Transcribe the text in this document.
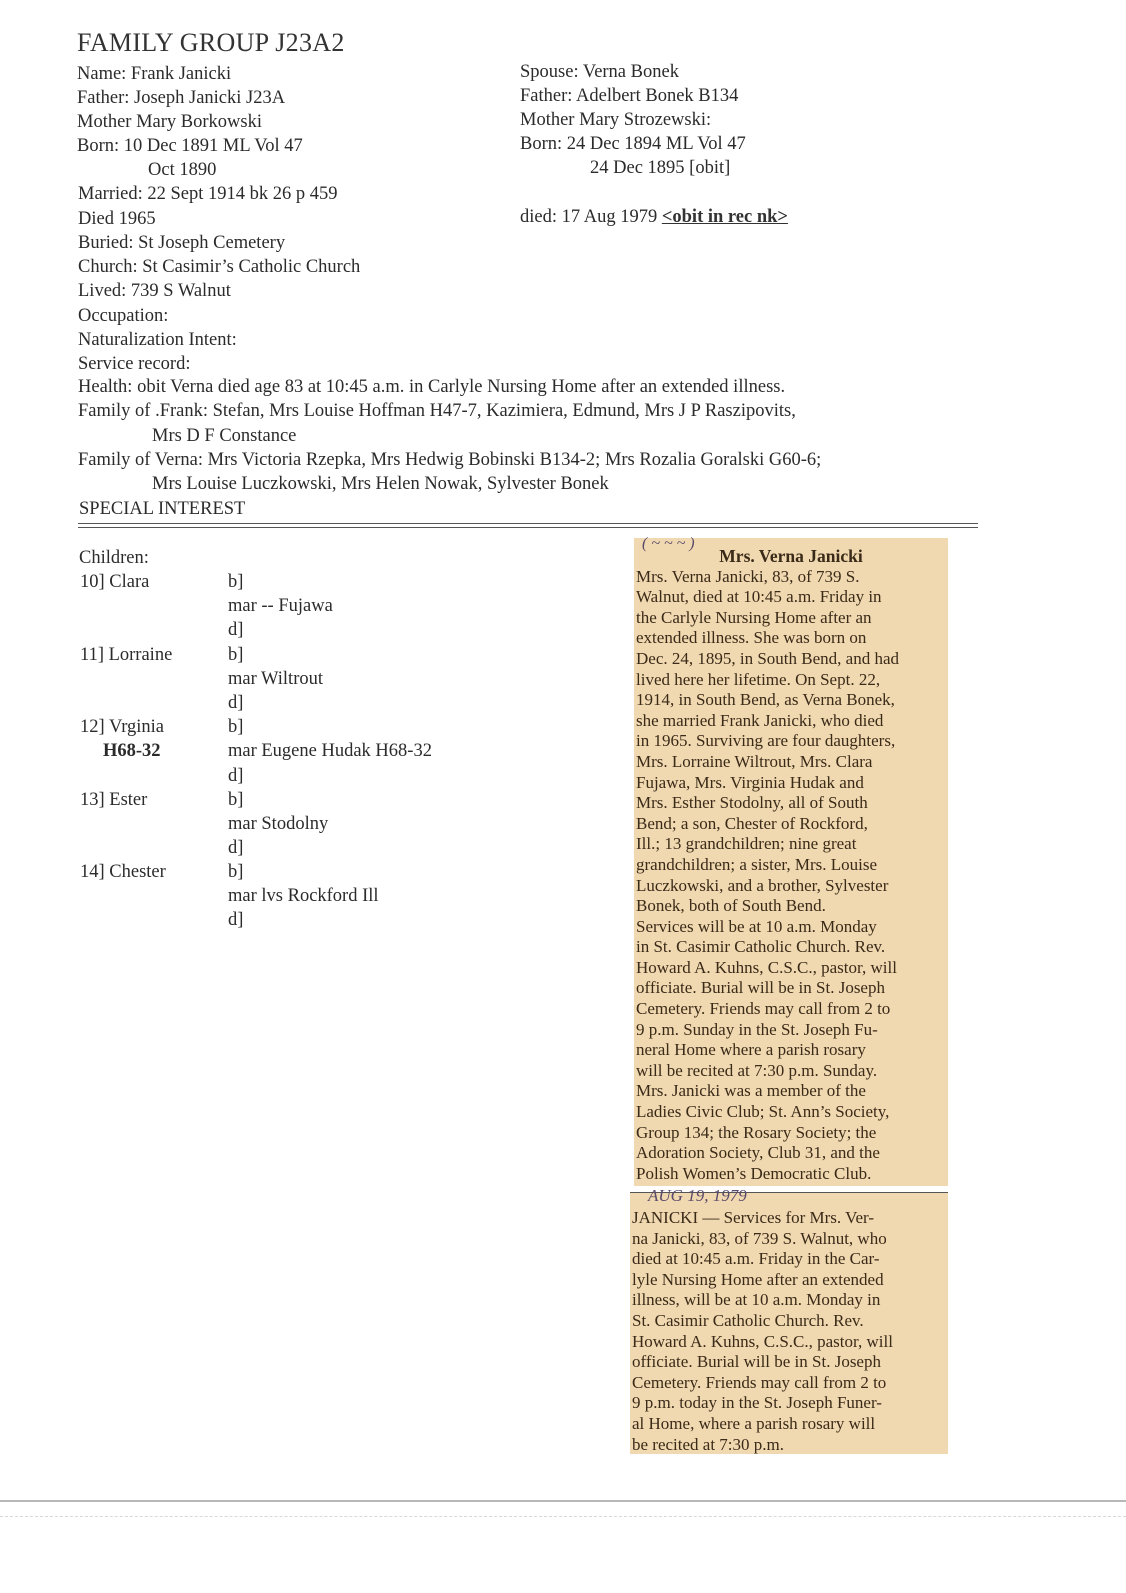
FAMILY GROUP J23A2
Name: Frank Janicki
Father: Joseph Janicki J23A
Mother Mary Borkowski
Born: 10 Dec 1891 ML Vol 47
Oct 1890
Married: 22 Sept 1914 bk 26 p 459
Died 1965
Buried: St Joseph Cemetery
Church: St Casimir’s Catholic Church
Lived: 739 S Walnut
Occupation:
Naturalization Intent:
Service record:
Spouse: Verna Bonek
Father: Adelbert Bonek B134
Mother Mary Strozewski:
Born: 24 Dec 1894 ML Vol 47
24 Dec 1895 [obit]
died: 17 Aug 1979 <obit in rec nk>
Health: obit Verna died age 83 at 10:45 a.m. in Carlyle Nursing Home after an extended illness.
Family of .Frank: Stefan, Mrs Louise Hoffman H47-7, Kazimiera, Edmund, Mrs J P Raszipovits,
Mrs D F Constance
Family of Verna: Mrs Victoria Rzepka, Mrs Hedwig Bobinski B134-2; Mrs Rozalia Goralski G60-6;
Mrs Louise Luczkowski, Mrs Helen Nowak, Sylvester Bonek
SPECIAL INTEREST
Children:
10] Clara	b]
mar -- Fujawa
d]
11] Lorraine	b]
mar Wiltrout
d]
12] Vrginia
H68-32
b]
mar Eugene Hudak H68-32
d]
13] Ester	b]
mar Stodolny
d]
14] Chester	b]
mar lvs Rockford Ill
d]
( ~ ~ ~ )
Mrs. Verna Janicki

Mrs. Verna Janicki, 83, of 739 S.

Walnut, died at 10:45 a.m. Friday in

the Carlyle Nursing Home after an

extended illness. She was born on

Dec. 24, 1895, in South Bend, and had

lived here her lifetime. On Sept. 22,

1914, in South Bend, as Verna Bonek,

she married Frank Janicki, who died

in 1965. Surviving are four daughters,

Mrs. Lorraine Wiltrout, Mrs. Clara

Fujawa, Mrs. Virginia Hudak and

Mrs. Esther Stodolny, all of South

Bend; a son, Chester of Rockford,

Ill.; 13 grandchildren; nine great

grandchildren; a sister, Mrs. Louise

Luczkowski, and a brother, Sylvester

Bonek, both of South Bend.

Services will be at 10 a.m. Monday

in St. Casimir Catholic Church. Rev.

Howard A. Kuhns, C.S.C., pastor, will

officiate. Burial will be in St. Joseph

Cemetery. Friends may call from 2 to

9 p.m. Sunday in the St. Joseph Fu-

neral Home where a parish rosary

will be recited at 7:30 p.m. Sunday.

Mrs. Janicki was a member of the

Ladies Civic Club; St. Ann’s Society,

Group 134; the Rosary Society; the

Adoration Society, Club 31, and the

Polish Women’s Democratic Club.

AUG 19, 1979

JANICKI — Services for Mrs. Ver-

na Janicki, 83, of 739 S. Walnut, who

died at 10:45 a.m. Friday in the Car-

lyle Nursing Home after an extended

illness, will be at 10 a.m. Monday in

St. Casimir Catholic Church. Rev.

Howard A. Kuhns, C.S.C., pastor, will

officiate. Burial will be in St. Joseph

Cemetery. Friends may call from 2 to

9 p.m. today in the St. Joseph Funer-

al Home, where a parish rosary will

be recited at 7:30 p.m.
